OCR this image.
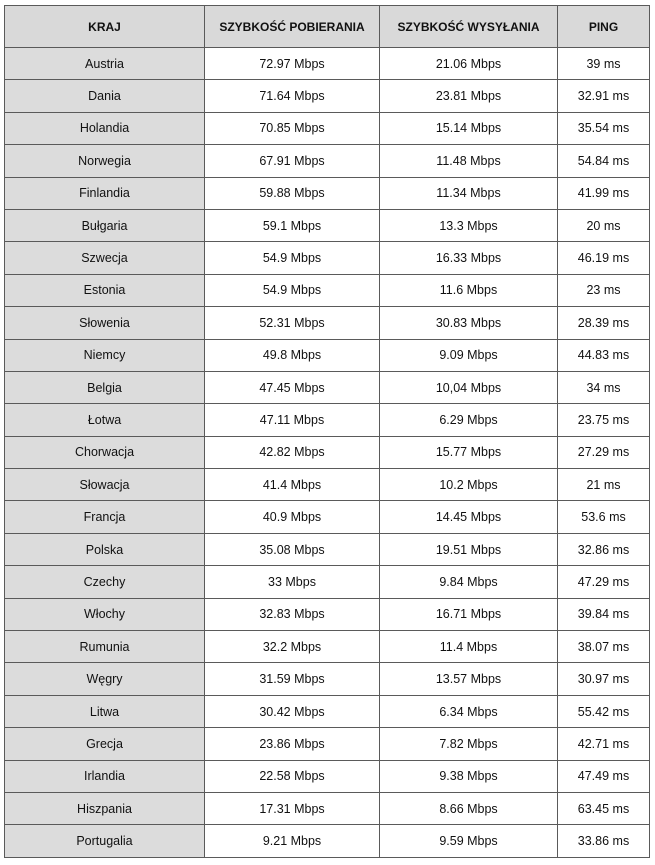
KRAJ	SZYBKOŚĆ POBIERANIA	SZYBKOŚĆ WYSYŁANIA	PING
Austria	72.97 Mbps	21.06 Mbps	39 ms
Dania	71.64 Mbps	23.81 Mbps	32.91 ms
Holandia	70.85 Mbps	15.14 Mbps	35.54 ms
Norwegia	67.91 Mbps	11.48 Mbps	54.84 ms
Finlandia	59.88 Mbps	11.34 Mbps	41.99 ms
Bułgaria	59.1 Mbps	13.3 Mbps	20 ms
Szwecja	54.9 Mbps	16.33 Mbps	46.19 ms
Estonia	54.9 Mbps	11.6 Mbps	23 ms
Słowenia	52.31 Mbps	30.83 Mbps	28.39 ms
Niemcy	49.8 Mbps	9.09 Mbps	44.83 ms
Belgia	47.45 Mbps	10,04 Mbps	34 ms
Łotwa	47.11 Mbps	6.29 Mbps	23.75 ms
Chorwacja	42.82 Mbps	15.77 Mbps	27.29 ms
Słowacja	41.4 Mbps	10.2 Mbps	21 ms
Francja	40.9 Mbps	14.45 Mbps	53.6 ms
Polska	35.08 Mbps	19.51 Mbps	32.86 ms
Czechy	33 Mbps	9.84 Mbps	47.29 ms
Włochy	32.83 Mbps	16.71 Mbps	39.84 ms
Rumunia	32.2 Mbps	11.4 Mbps	38.07 ms
Węgry	31.59 Mbps	13.57 Mbps	30.97 ms
Litwa	30.42 Mbps	6.34 Mbps	55.42 ms
Grecja	23.86 Mbps	7.82 Mbps	42.71 ms
Irlandia	22.58 Mbps	9.38 Mbps	47.49 ms
Hiszpania	17.31 Mbps	8.66 Mbps	63.45 ms
Portugalia	9.21 Mbps	9.59 Mbps	33.86 ms
